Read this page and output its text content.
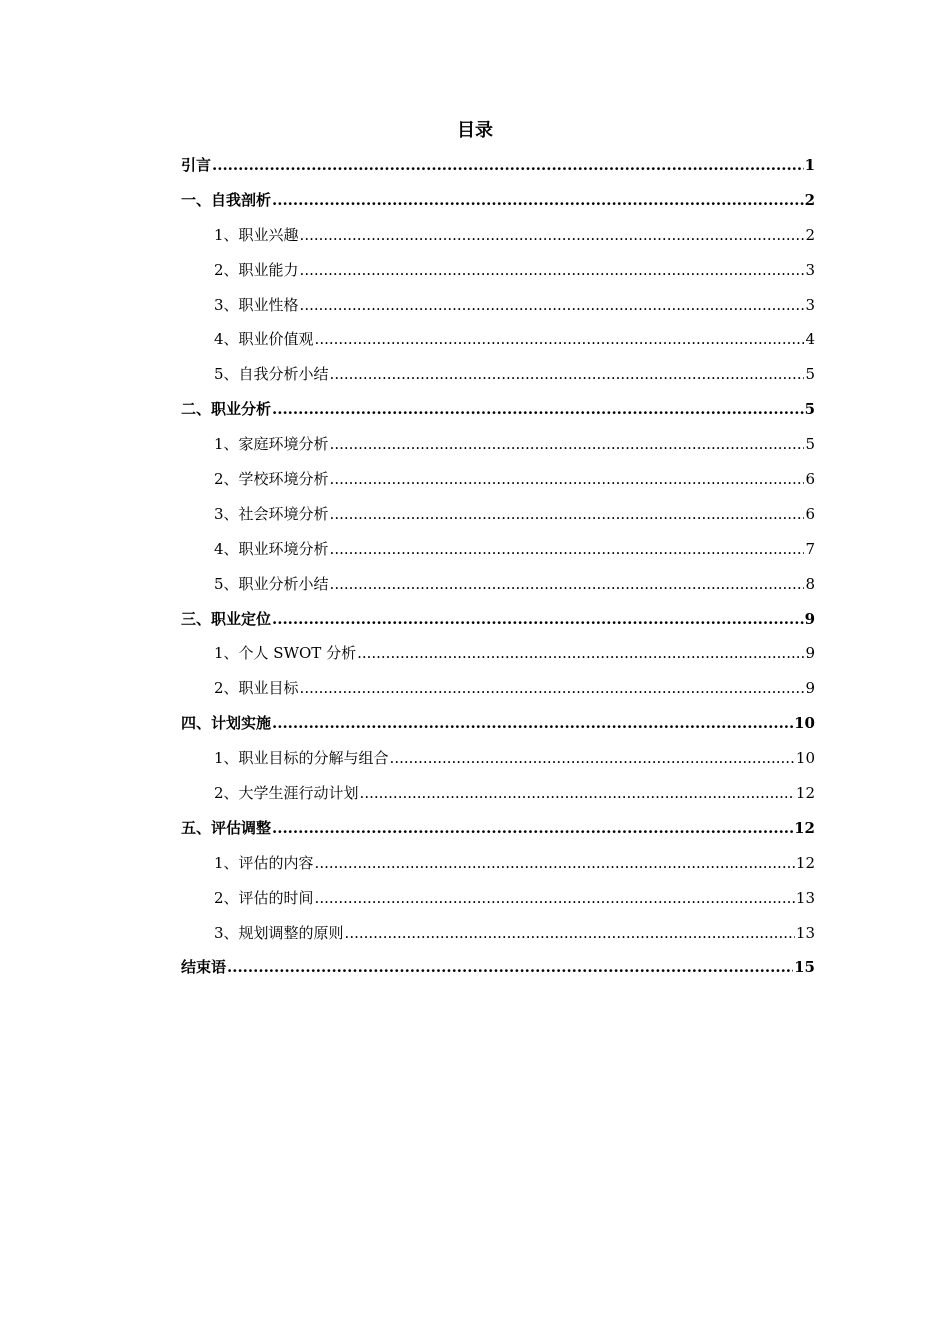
目录
引言 .....	1
一、自我剖析 .....	2
1、职业兴趣 .....	2
2、职业能力 .....	3
3、职业性格 .....	3
4、职业价值观 .....	4
5、自我分析小结 .....	5
二、职业分析 .....	5
1、家庭环境分析 .....	5
2、学校环境分析 .....	6
3、社会环境分析 .....	6
4、职业环境分析 .....	7
5、职业分析小结 .....	8
三、职业定位 .....	9
1、个人 SWOT 分析 .....	9
2、职业目标 .....	9
四、计划实施 .....	10
1、职业目标的分解与组合 .....	10
2、大学生涯行动计划 .....	12
五、评估调整 .....	12
1、评估的内容 .....	12
2、评估的时间 .....	13
3、规划调整的原则 .....	13
结束语 .....	15
